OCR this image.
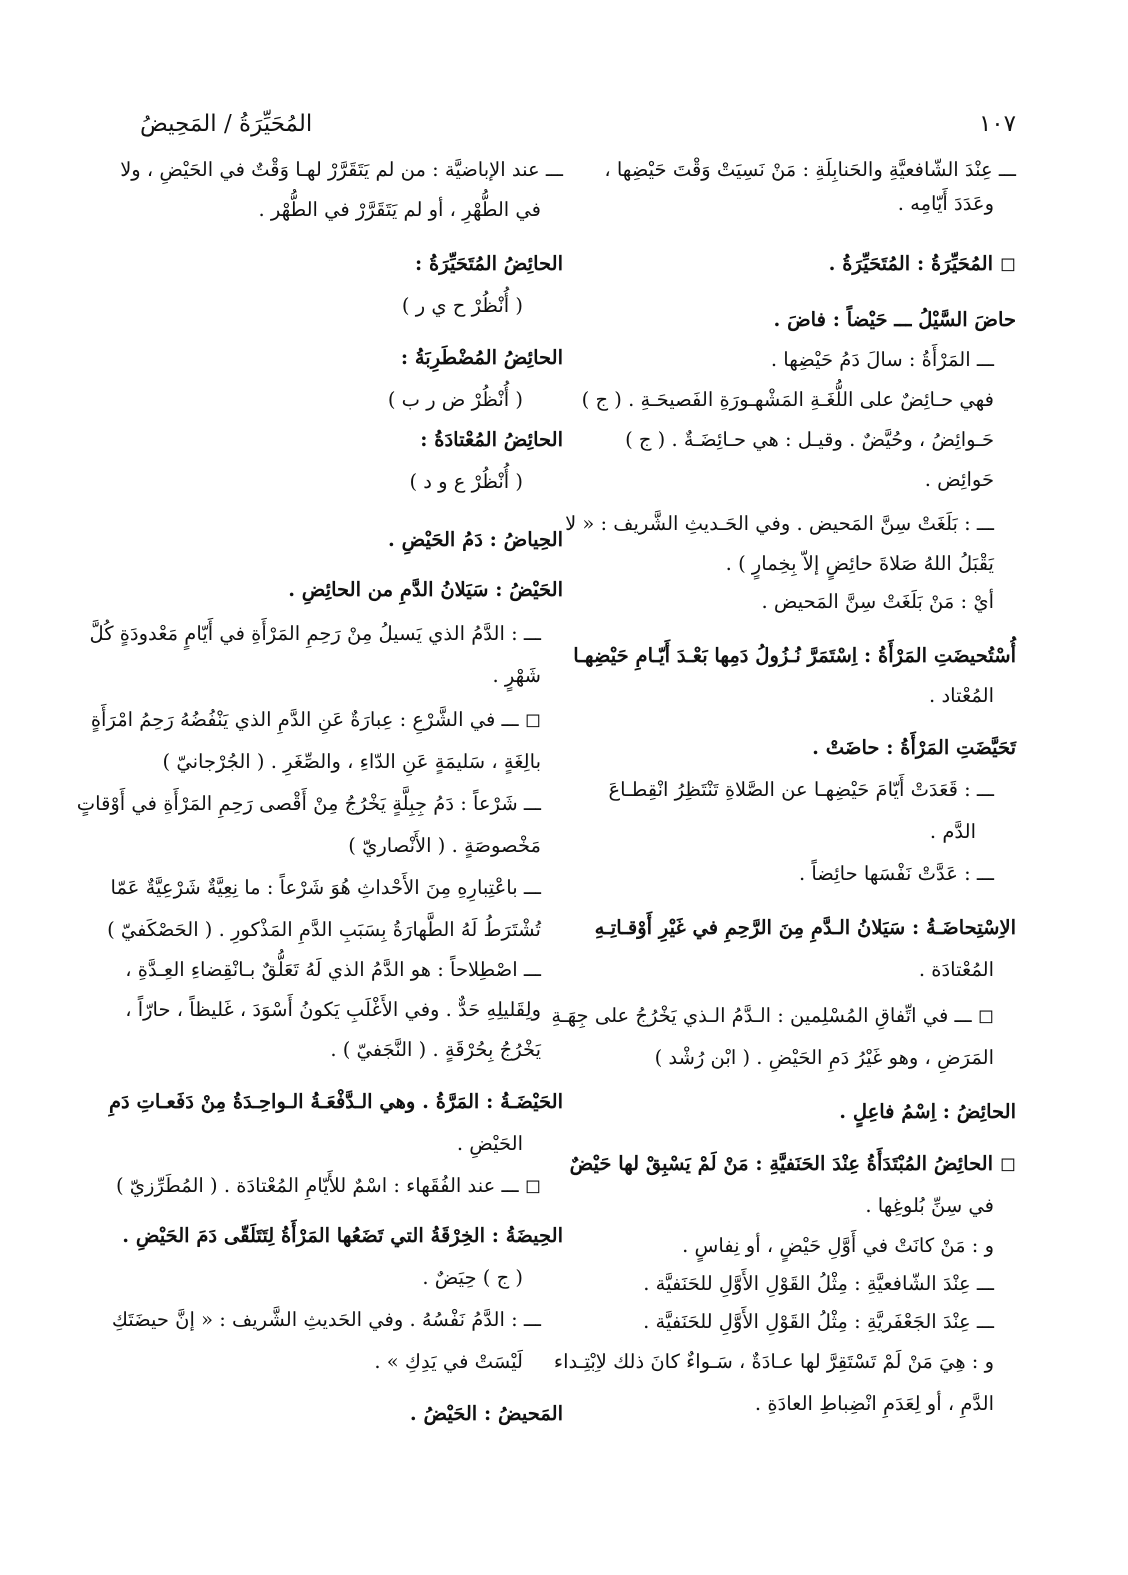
المُحَيِّرَةُ / المَحِيضُ	١٠٧
ـــ عِنْدَ الشّافعيَّةِ والحَنابِلَةِ : مَنْ نَسِيَتْ وَقْتَ حَيْضِها ،
وعَدَدَ أَيّامِه .
◻ المُحَيِّرَةُ : المُتَحَيِّرَةُ .
حاضَ السَّيْلُ ـــ حَيْضاً : فاضَ .
ـــ المَرْأَةُ : سالَ دَمُ حَيْضِها .
فهي حـائِضٌ على اللُّغَـةِ المَشْهـورَةِ الفَصيحَـةِ . ( ج )
حَـوائِضُ ، وحُيَّضٌ . وقيـل : هي حـائِضَـةٌ . ( ج )
حَوائِض .
ـــ : بَلَغَتْ سِنَّ المَحيض . وفي الحَـديثِ الشَّريف : « لا
يَقْبَلُ اللهُ صَلاةَ حائِضٍ إلاّ بِخِمارٍ ) .
أيْ : مَنْ بَلَغَتْ سِنَّ المَحيض .
أُسْتُحيضَتِ المَرْأَةُ : اِسْتَمَرَّ نُـزُولُ دَمِها بَعْـدَ أَيّـامِ حَيْضِهـا
المُعْتاد .
تَحَيَّضَتِ المَرْأَةُ : حاضَتْ .
ـــ : قَعَدَتْ أَيّامَ حَيْضِهـا عن الصَّلاةِ تَنْتَظِرُ انْقِطـاعَ
الدَّم .
ـــ : عَدَّتْ نَفْسَها حائِضاً .
الاِسْتِحاضَـةُ : سَيَلانُ الـدَّمِ مِنَ الرَّحِمِ في غَيْرِ أَوْقـاتِـهِ
المُعْتادَة .
◻ ـــ في اتِّفاقِ المُسْلِمين : الـدَّمُ الـذي يَخْرُجُ على جِهَـةِ
المَرَضِ ، وهو غَيْرُ دَمِ الحَيْضِ . ( ابْن رُشْد )
الحائِضُ : اِسْمُ فاعِلٍ .
◻ الحائِضُ المُبْتَدَأَةُ عِنْدَ الحَنَفيَّةِ : مَنْ لَمْ يَسْبِقْ لها حَيْضٌ
في سِنِّ بُلوغِها .
و : مَنْ كانَتْ في أَوَّلِ حَيْضٍ ، أو نِفاسٍ .
ـــ عِنْدَ الشّافعيَّةِ : مِثْلُ القَوْلِ الأَوَّلِ للحَنَفيَّة .
ـــ عِنْدَ الجَعْفَريَّةِ : مِثْلُ القَوْلِ الأَوَّلِ للحَنَفيَّة .
و : هِيَ مَنْ لَمْ تَسْتَقِرَّ لها عـادَةٌ ، سَـواءٌ كانَ ذلك لاِبْتِـداء
الدَّمِ ، أو لِعَدَمِ انْضِباطِ العادَةِ .
ـــ عند الإباضيَّة : من لم يَتَقَرَّرْ لهـا وَقْتٌ في الحَيْضِ ، ولا
في الطُّهْرِ ، أو لم يَتَقَرَّرْ في الطُّهْر .
الحائِضُ المُتَحَيِّرَةُ :
( أُنْظُرْ ح ي ر )
الحائِضُ المُضْطَرِبَةُ :
( أُنْظُرْ ض ر ب )
الحائِضُ المُعْتادَةُ :
( أُنْظُرْ ع و د )
الحِياضُ : دَمُ الحَيْضِ .
الحَيْضُ : سَيَلانُ الدَّمِ من الحائِضِ .
ـــ : الدَّمُ الذي يَسيلُ مِنْ رَحِمِ المَرْأَةِ في أَيّامٍ مَعْدودَةٍ كُلَّ
شَهْرٍ .
◻ ـــ في الشَّرْعِ : عِبارَةٌ عَنِ الدَّمِ الذي يَنْفُضُهُ رَحِمُ امْرَأَةٍ
بالِغَةٍ ، سَليمَةٍ عَنِ الدّاءِ ، والصِّغَرِ . ( الجُرْجانيّ )
ـــ شَرْعاً : دَمُ جِبِلَّةٍ يَخْرُجُ مِنْ أَقْصى رَحِمِ المَرْأَةِ في أَوْقاتٍ
مَخْصوصَةٍ . ( الأَنْصاريّ )
ـــ باعْتِبارِهِ مِنَ الأَحْداثِ هُوَ شَرْعاً : ما نِعِيَّةٌ شَرْعِيَّةٌ عَمّا
تُشْتَرَطُ لَهُ الطَّهارَةُ بِسَبَبِ الدَّمِ المَذْكورِ . ( الحَصْكَفيّ )
ـــ اصْطِلاحاً : هو الدَّمُ الذي لَهُ تَعَلُّقٌ بـانْقِضاءِ العِـدَّةِ ،
ولِقَليلِهِ حَدٌّ . وفي الأَغْلَبِ يَكونُ أَسْوَدَ ، غَليظاً ، حارّاً ،
يَخْرُجُ بِحُرْقَةٍ . ( النَّجَفيّ ) .
الحَيْضَـةُ : المَرَّةُ . وهي الـدَّفْعَـةُ الـواحِـدَةُ مِنْ دَفَعـاتِ دَمِ
الحَيْضِ .
◻ ـــ عند الفُقَهاء : اسْمٌ للأَيّامِ المُعْتادَة . ( المُطَرِّزيّ )
الحِيضَةُ : الخِرْقَةُ التي تَضَعُها المَرْأَةُ لِتَتَلَقّى دَمَ الحَيْضِ .
( ج ) حِيَضٌ .
ـــ : الدَّمُ نَفْسُهُ . وفي الحَديثِ الشَّريف : « إنَّ حيضَتَكِ
لَيْسَتْ في يَدِكِ » .
المَحيضُ : الحَيْضُ .
